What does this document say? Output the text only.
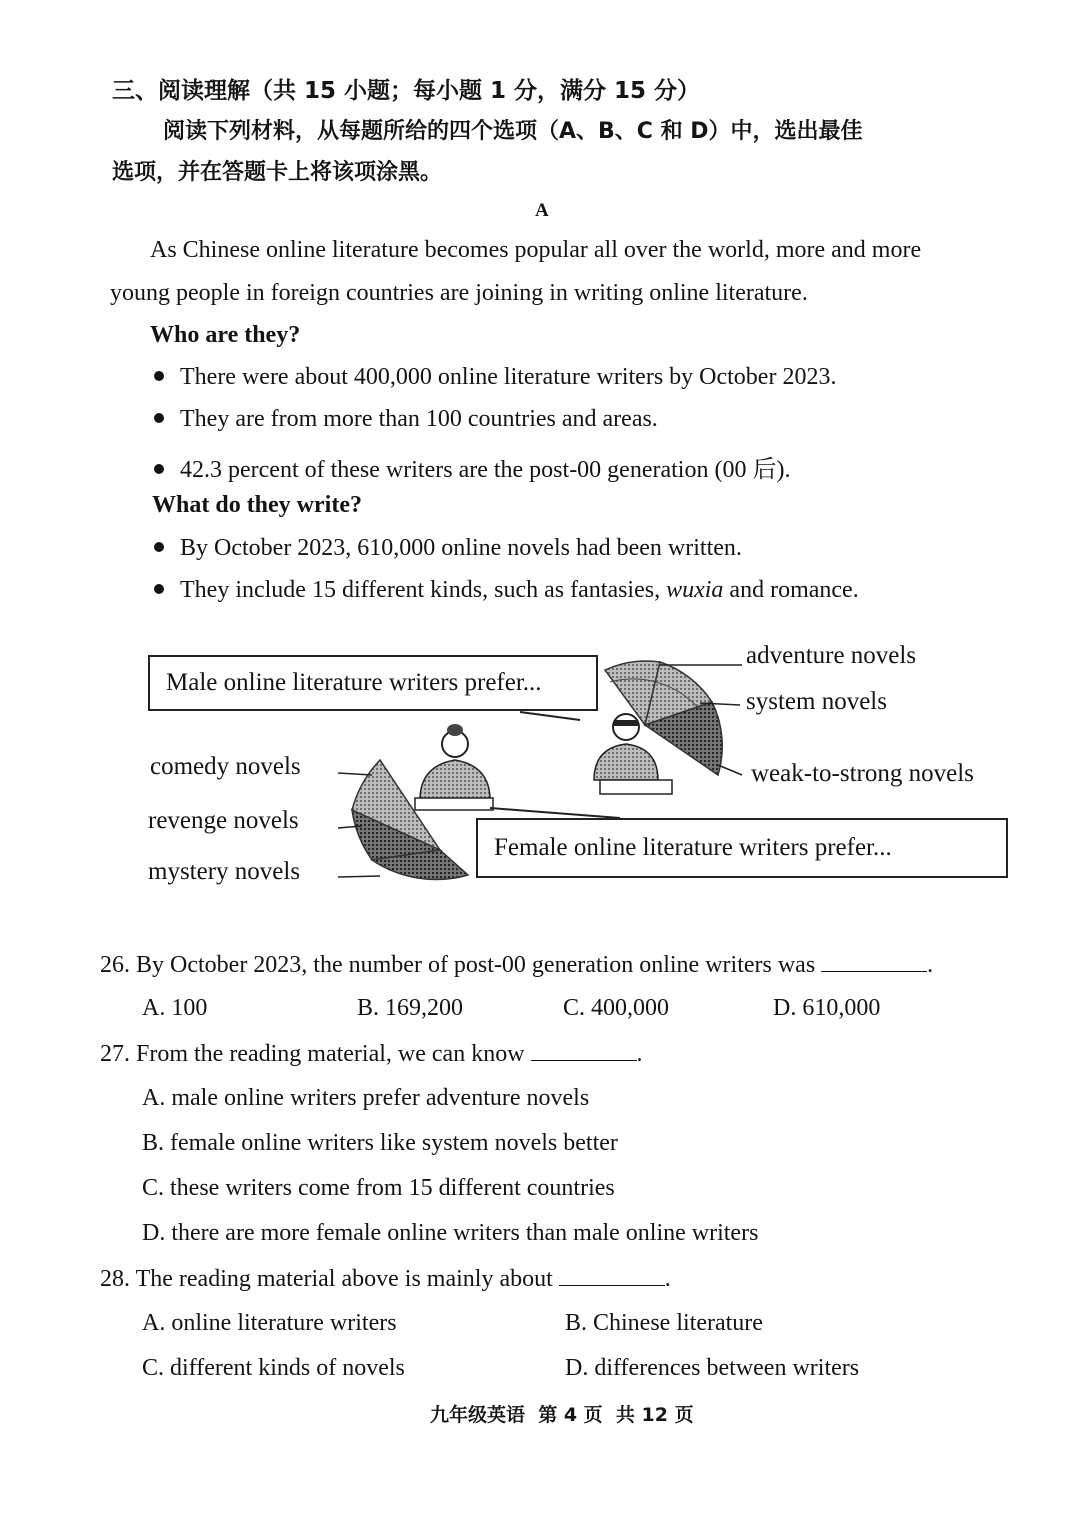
三、阅读理解（共 15 小题；每小题 1 分，满分 15 分）
阅读下列材料，从每题所给的四个选项（A、B、C 和 D）中，选出最佳
选项，并在答题卡上将该项涂黑。
A
As Chinese online literature becomes popular all over the world, more and more
young people in foreign countries are joining in writing online literature.
Who are they?
There were about 400,000 online literature writers by October 2023.
They are from more than 100 countries and areas.
42.3 percent of these writers are the post-00 generation (00 后).
What do they write?
By October 2023, 610,000 online novels had been written.
They include 15 different kinds, such as fantasies, wuxia and romance.
Male online literature writers prefer...
Female online literature writers prefer...
adventure novels
system novels
weak-to-strong novels
comedy novels
revenge novels
mystery novels
26. By October 2023, the number of post-00 generation online writers was	.
A. 100	B. 169,200	C. 400,000	D. 610,000
27. From the reading material, we can know	.
A. male online writers prefer adventure novels
B. female online writers like system novels better
C. these writers come from 15 different countries
D. there are more female online writers than male online writers
28. The reading material above is mainly about	.
A. online literature writers	B. Chinese literature
C. different kinds of novels	D. differences between writers
九年级英语  第 4 页  共 12 页
